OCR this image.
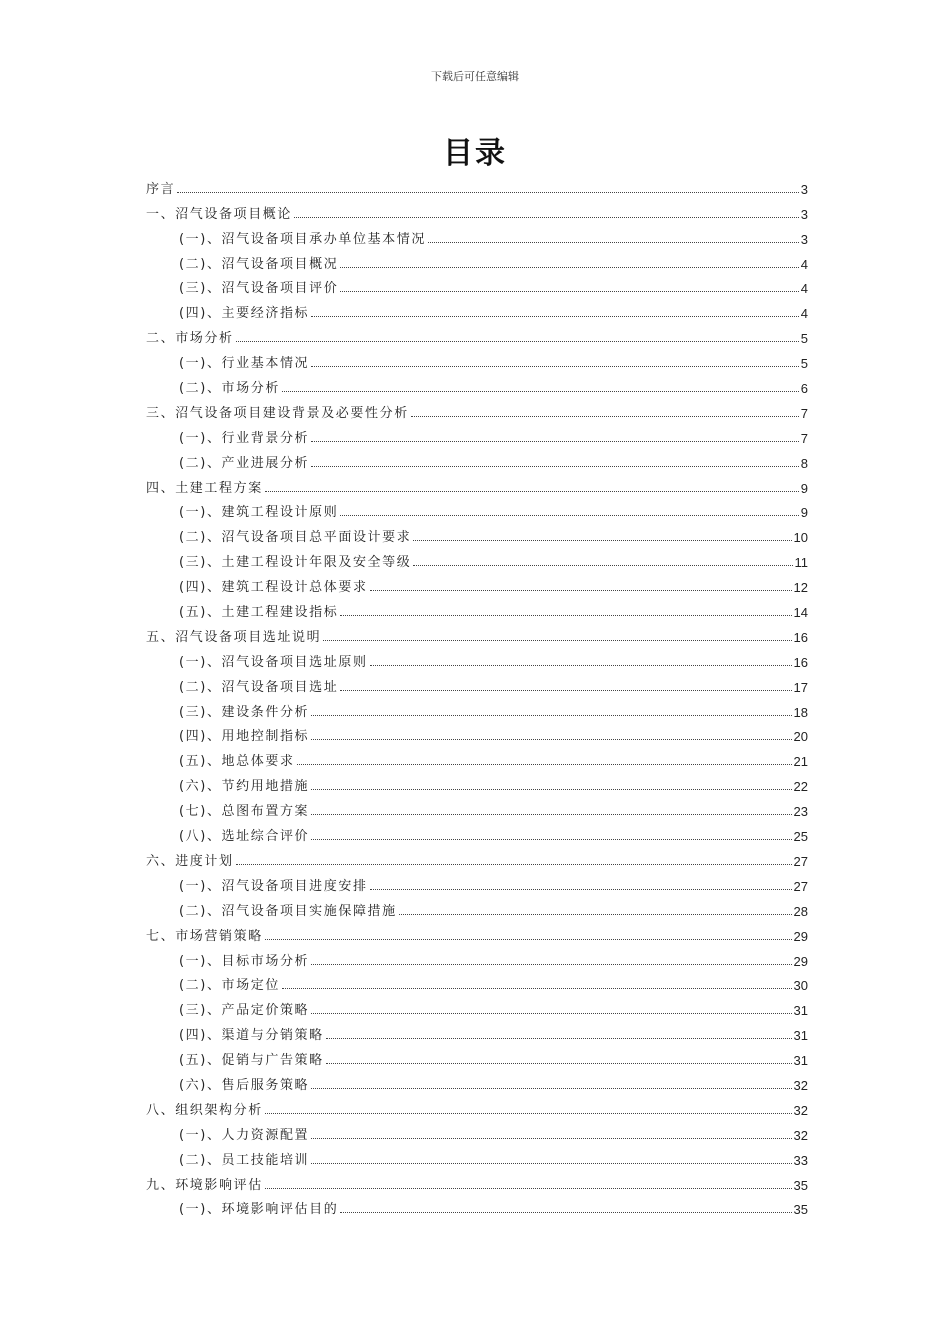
下载后可任意编辑
目录
序言	3
一、沼气设备项目概论	3
(一)、沼气设备项目承办单位基本情况	3
(二)、沼气设备项目概况	4
(三)、沼气设备项目评价	4
(四)、主要经济指标	4
二、市场分析	5
(一)、行业基本情况	5
(二)、市场分析	6
三、沼气设备项目建设背景及必要性分析	7
(一)、行业背景分析	7
(二)、产业进展分析	8
四、土建工程方案	9
(一)、建筑工程设计原则	9
(二)、沼气设备项目总平面设计要求	10
(三)、土建工程设计年限及安全等级	11
(四)、建筑工程设计总体要求	12
(五)、土建工程建设指标	14
五、沼气设备项目选址说明	16
(一)、沼气设备项目选址原则	16
(二)、沼气设备项目选址	17
(三)、建设条件分析	18
(四)、用地控制指标	20
(五)、地总体要求	21
(六)、节约用地措施	22
(七)、总图布置方案	23
(八)、选址综合评价	25
六、进度计划	27
(一)、沼气设备项目进度安排	27
(二)、沼气设备项目实施保障措施	28
七、市场营销策略	29
(一)、目标市场分析	29
(二)、市场定位	30
(三)、产品定价策略	31
(四)、渠道与分销策略	31
(五)、促销与广告策略	31
(六)、售后服务策略	32
八、组织架构分析	32
(一)、人力资源配置	32
(二)、员工技能培训	33
九、环境影响评估	35
(一)、环境影响评估目的	35
